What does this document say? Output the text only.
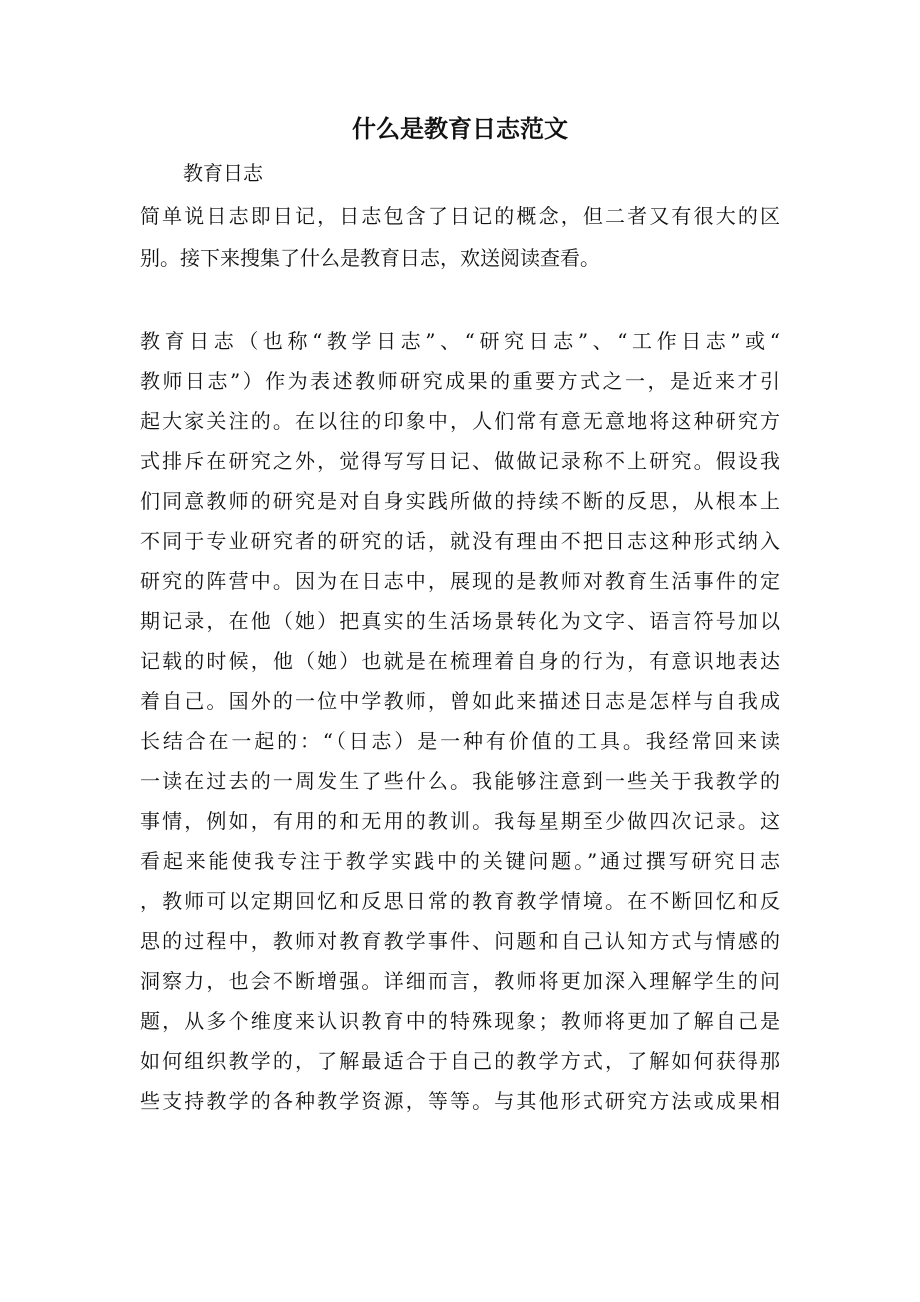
什么是教育日志范文
教育日志
简单说日志即日记，日志包含了日记的概念，但二者又有很大的区
别。接下来搜集了什么是教育日志，欢送阅读查看。
教育日志（也称“教学日志”、“研究日志”、“工作日志”或“
教师日志”）作为表述教师研究成果的重要方式之一，是近来才引
起大家关注的。在以往的印象中，人们常有意无意地将这种研究方
式排斥在研究之外，觉得写写日记、做做记录称不上研究。假设我
们同意教师的研究是对自身实践所做的持续不断的反思，从根本上
不同于专业研究者的研究的话，就没有理由不把日志这种形式纳入
研究的阵营中。因为在日志中，展现的是教师对教育生活事件的定
期记录，在他（她）把真实的生活场景转化为文字、语言符号加以
记载的时候，他（她）也就是在梳理着自身的行为，有意识地表达
着自己。国外的一位中学教师，曾如此来描述日志是怎样与自我成
长结合在一起的：“（日志）是一种有价值的工具。我经常回来读
一读在过去的一周发生了些什么。我能够注意到一些关于我教学的
事情，例如，有用的和无用的教训。我每星期至少做四次记录。这
看起来能使我专注于教学实践中的关键问题。”通过撰写研究日志
，教师可以定期回忆和反思日常的教育教学情境。在不断回忆和反
思的过程中，教师对教育教学事件、问题和自己认知方式与情感的
洞察力，也会不断增强。详细而言，教师将更加深入理解学生的问
题，从多个维度来认识教育中的特殊现象；教师将更加了解自己是
如何组织教学的，了解最适合于自己的教学方式，了解如何获得那
些支持教学的各种教学资源，等等。与其他形式研究方法或成果相
